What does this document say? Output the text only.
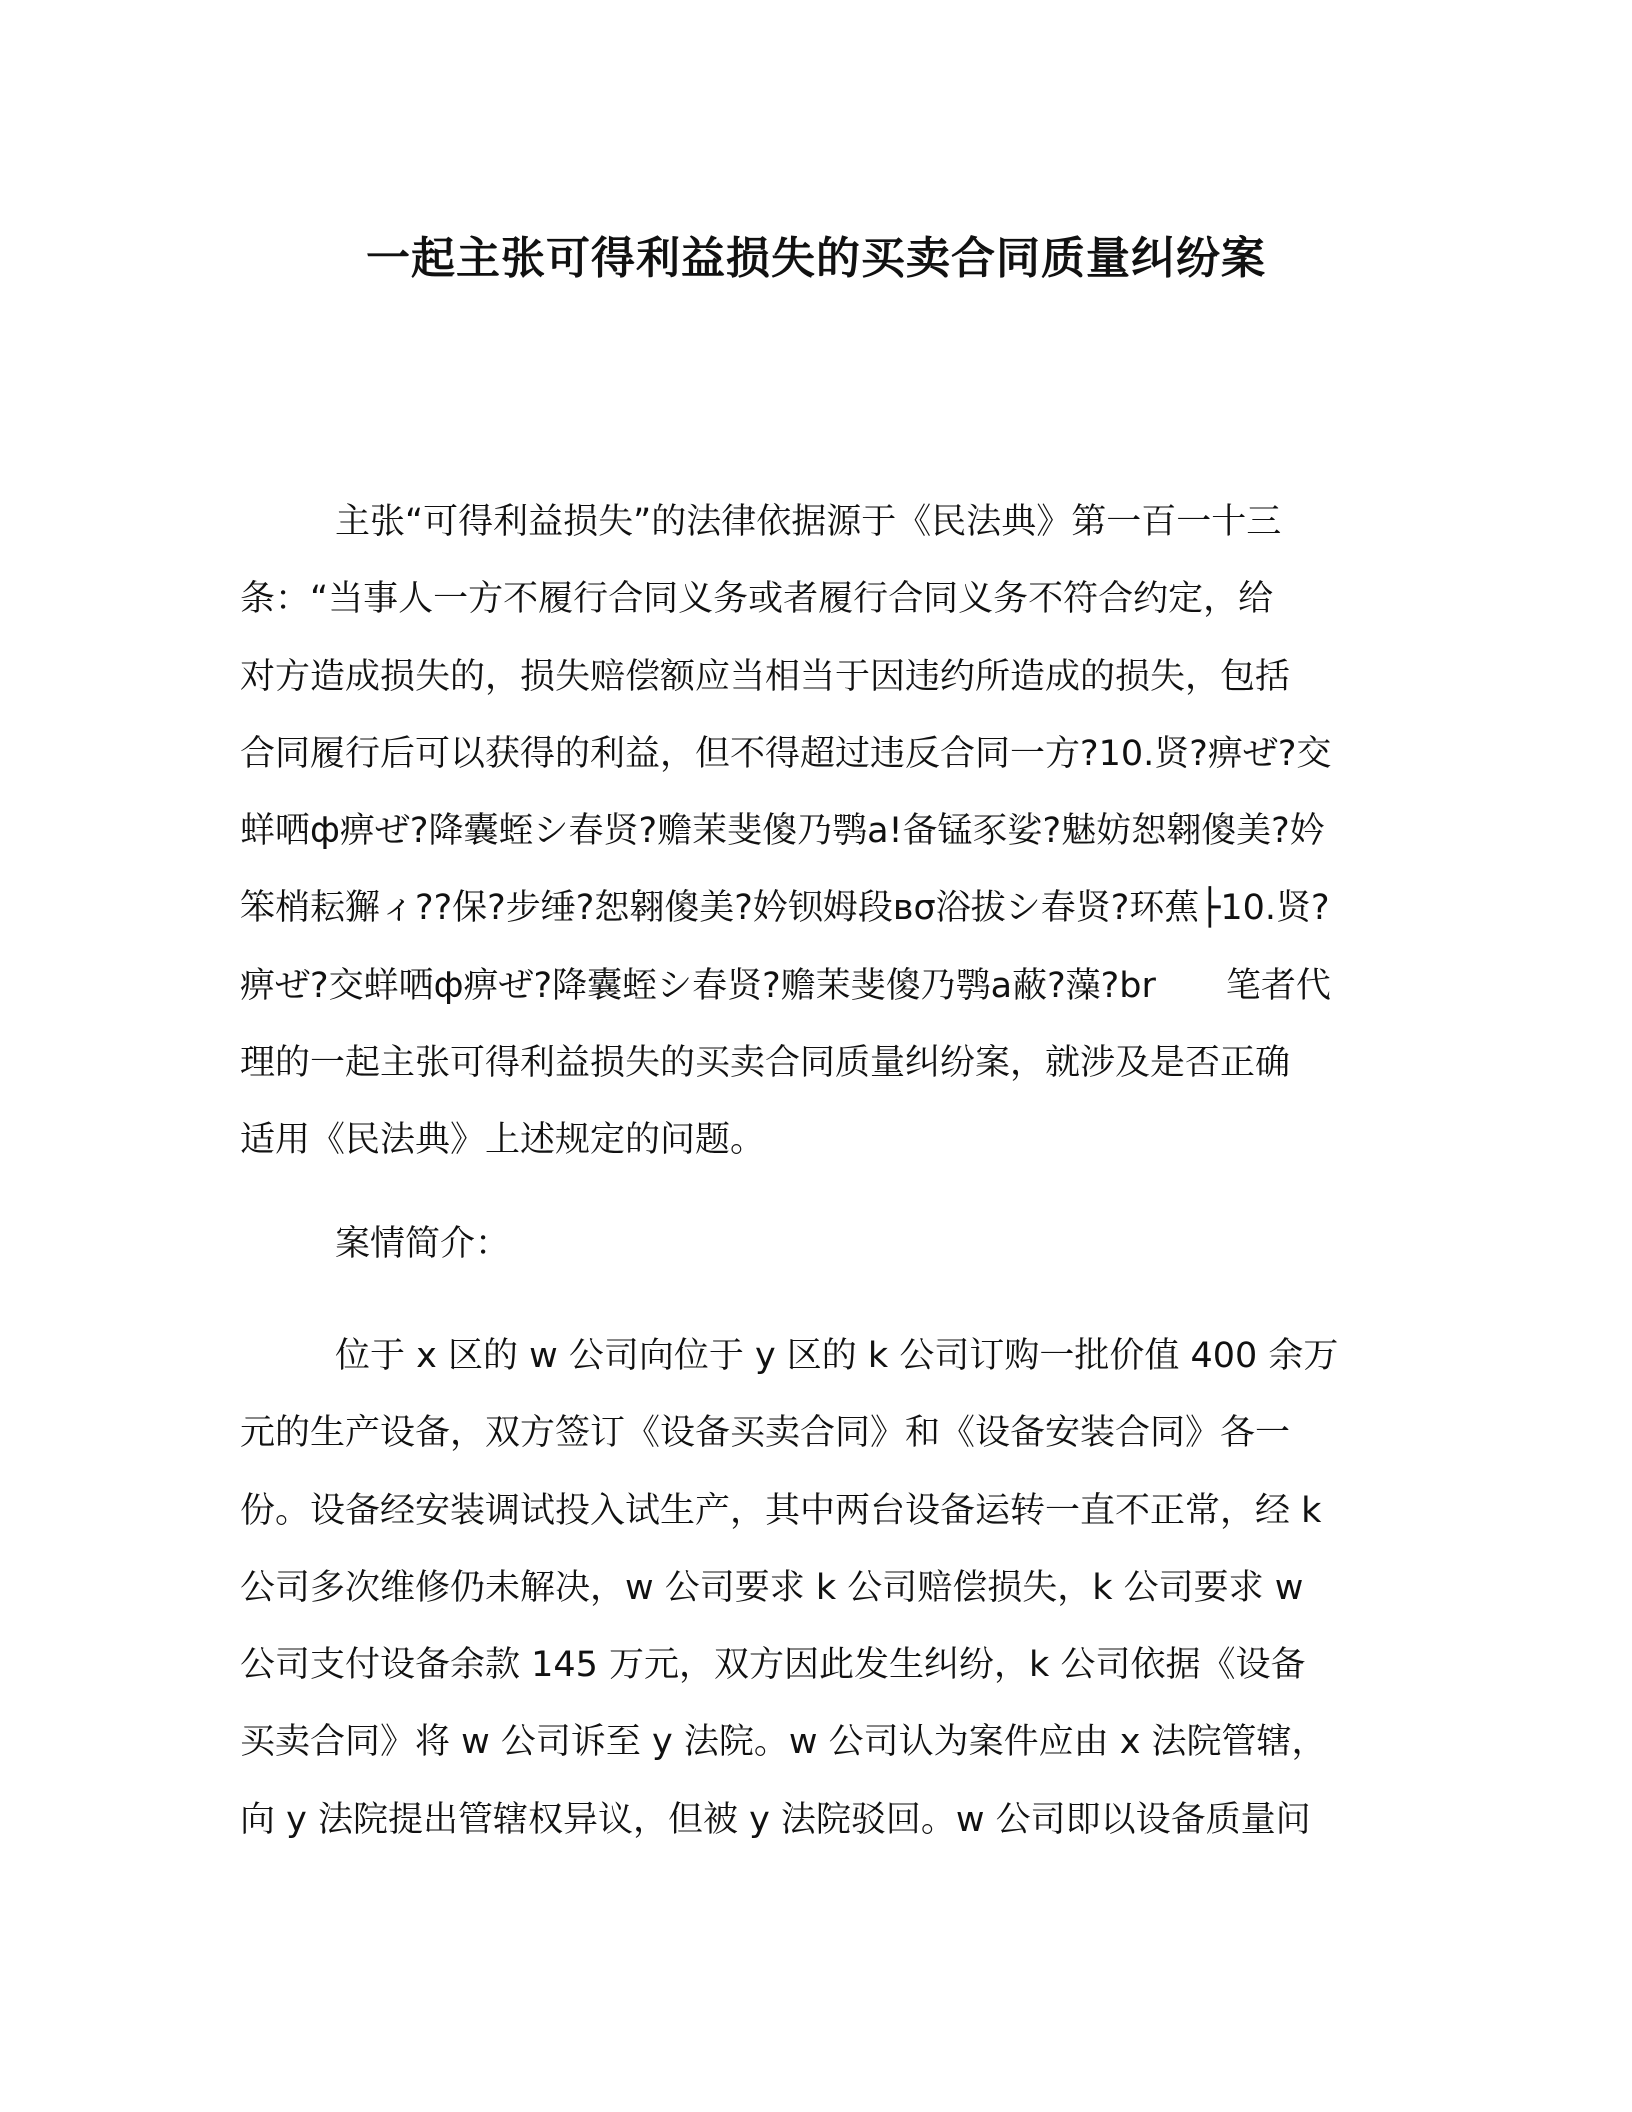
一起主张可得利益损失的买卖合同质量纠纷案

主张“可得利益损失”的法律依据源于《民法典》第一百一十三
条：“当事人一方不履行合同义务或者履行合同义务不符合约定，给
对方造成损失的，损失赔偿额应当相当于因违约所造成的损失，包括
合同履行后可以获得的利益，但不得超过违反合同一方?10.贤?痹ぜ?交
蛘哂ф痹ぜ?降囊蛭シ春贤?赡茉斐傻乃鹗a!备锰豕娑?魅妨恕翱傻美?妗
笨梢耘獬ィ??保?步缍?恕翱傻美?妗钡姆段вσ浴拔シ春贤?环蕉├10.贤?
痹ぜ?交蛘哂ф痹ぜ?降囊蛭シ春贤?赡茉斐傻乃鹗a蔽?藻?br　　笔者代
理的一起主张可得利益损失的买卖合同质量纠纷案，就涉及是否正确
适用《民法典》上述规定的问题。

案情简介：

位于 x 区的 w 公司向位于 y 区的 k 公司订购一批价值 400 余万
元的生产设备，双方签订《设备买卖合同》和《设备安装合同》各一
份。设备经安装调试投入试生产，其中两台设备运转一直不正常，经 k
公司多次维修仍未解决，w 公司要求 k 公司赔偿损失，k 公司要求 w
公司支付设备余款 145 万元，双方因此发生纠纷，k 公司依据《设备
买卖合同》将 w 公司诉至 y 法院。w 公司认为案件应由 x 法院管辖，
向 y 法院提出管辖权异议，但被 y 法院驳回。w 公司即以设备质量问
